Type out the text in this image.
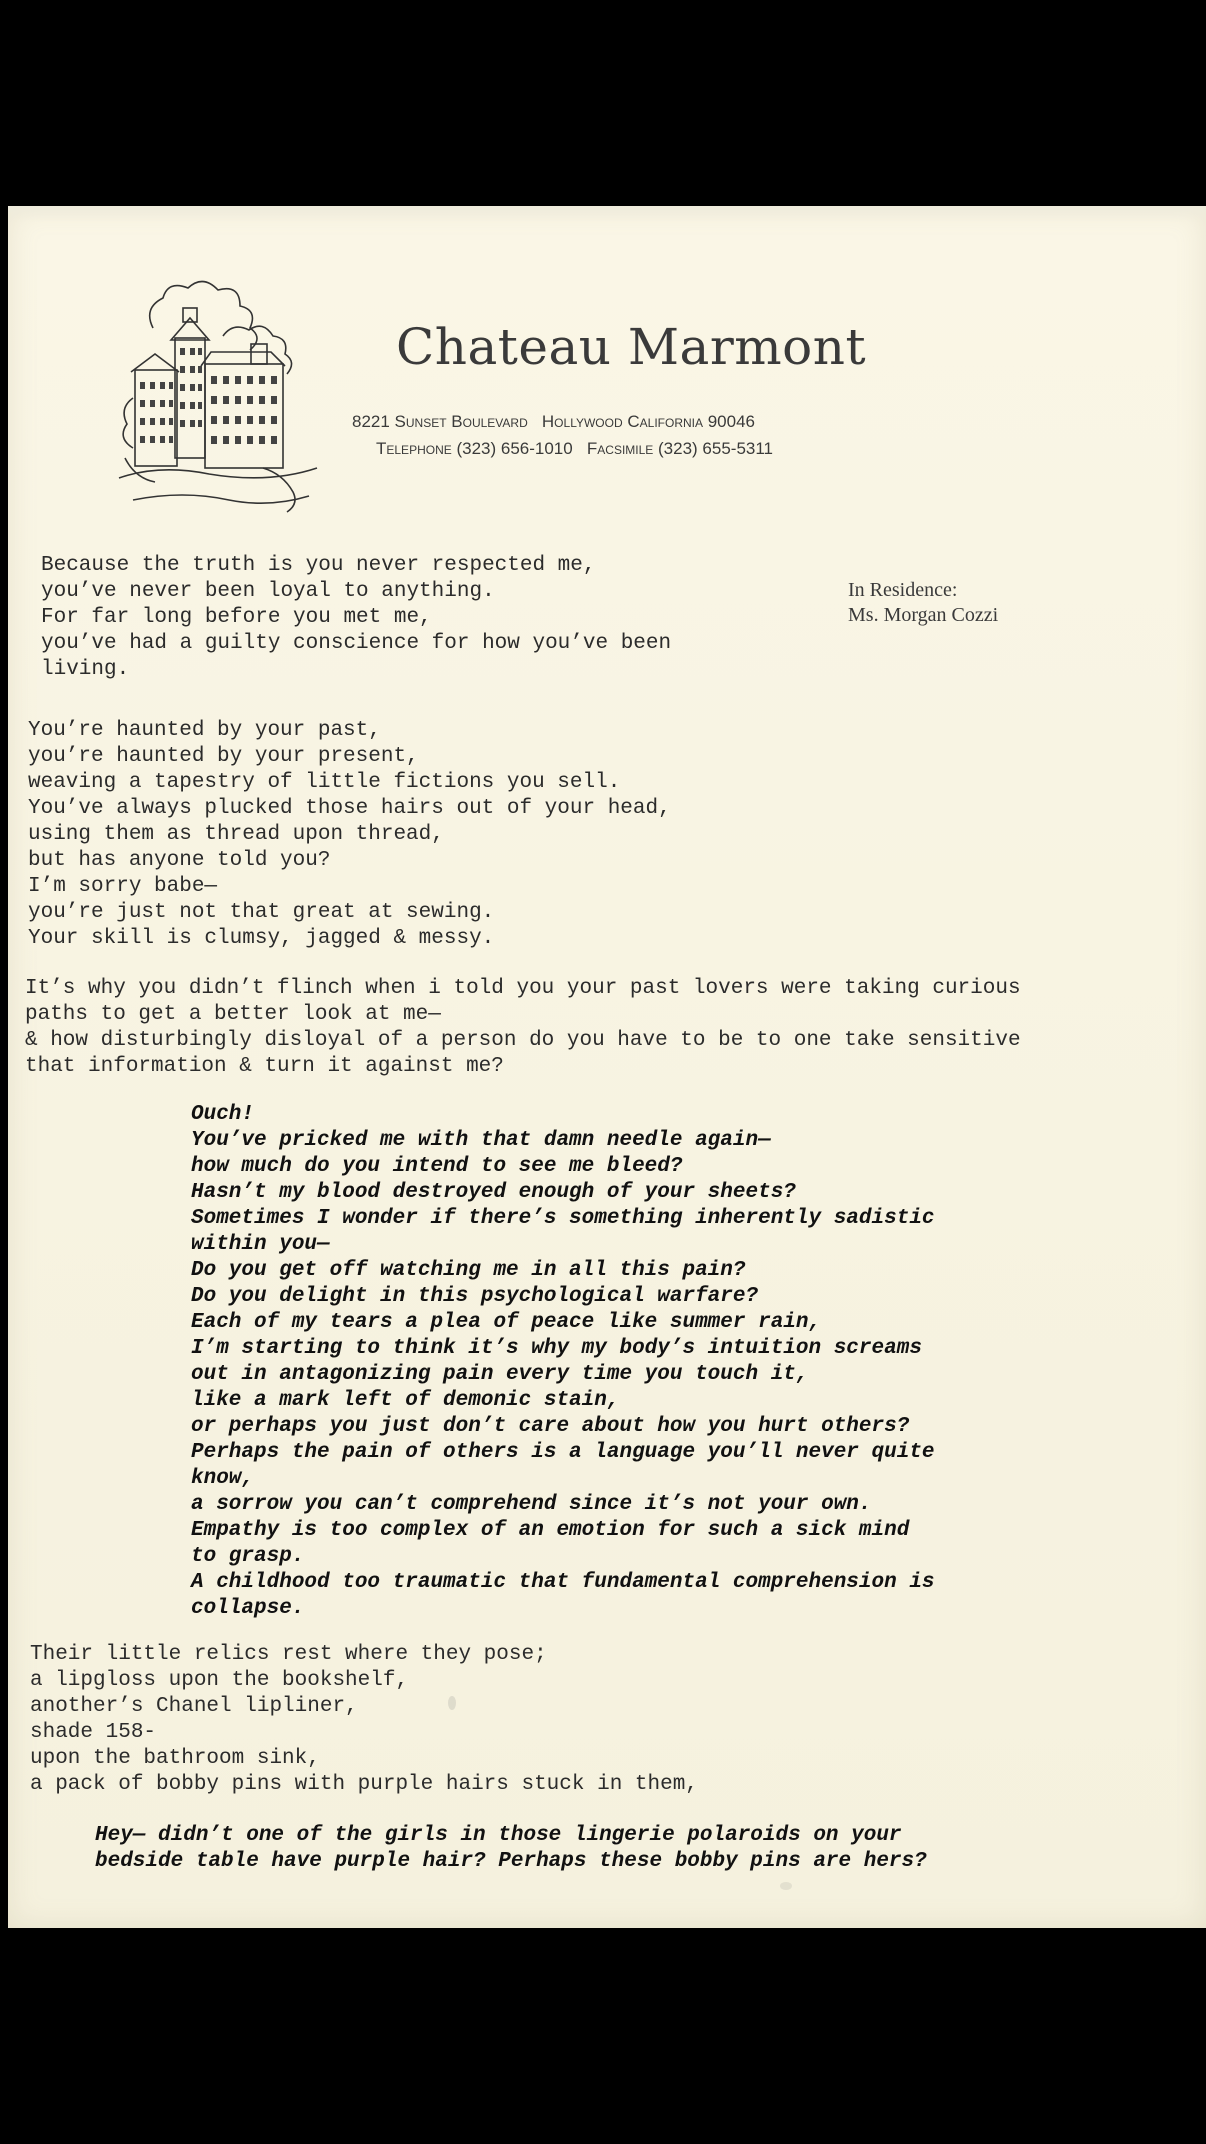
Chateau Marmont
8221 Sunset Boulevard   Hollywood California 90046
Telephone (323) 656-1010   Facsimile (323) 655-5311
In Residence:
Ms. Morgan Cozzi

Because the truth is you never respected me,
you’ve never been loyal to anything.
For far long before you met me,
you’ve had a guilty conscience for how you’ve been
living.

You’re haunted by your past,
you’re haunted by your present,
weaving a tapestry of little fictions you sell.
You’ve always plucked those hairs out of your head,
using them as thread upon thread,
but has anyone told you?
I’m sorry babe—
you’re just not that great at sewing.
Your skill is clumsy, jagged & messy.

It’s why you didn’t flinch when i told you your past lovers were taking curious
paths to get a better look at me—
& how disturbingly disloyal of a person do you have to be to one take sensitive
that information & turn it against me?

Ouch!
You’ve pricked me with that damn needle again—
how much do you intend to see me bleed?
Hasn’t my blood destroyed enough of your sheets?
Sometimes I wonder if there’s something inherently sadistic
within you—
Do you get off watching me in all this pain?
Do you delight in this psychological warfare?
Each of my tears a plea of peace like summer rain,
I’m starting to think it’s why my body’s intuition screams
out in antagonizing pain every time you touch it,
like a mark left of demonic stain,
or perhaps you just don’t care about how you hurt others?
Perhaps the pain of others is a language you’ll never quite
know,
a sorrow you can’t comprehend since it’s not your own.
Empathy is too complex of an emotion for such a sick mind
to grasp.
A childhood too traumatic that fundamental comprehension is
collapse.

Their little relics rest where they pose;
a lipgloss upon the bookshelf,
another’s Chanel lipliner,
shade 158-
upon the bathroom sink,
a pack of bobby pins with purple hairs stuck in them,

Hey— didn’t one of the girls in those lingerie polaroids on your
bedside table have purple hair? Perhaps these bobby pins are hers?
